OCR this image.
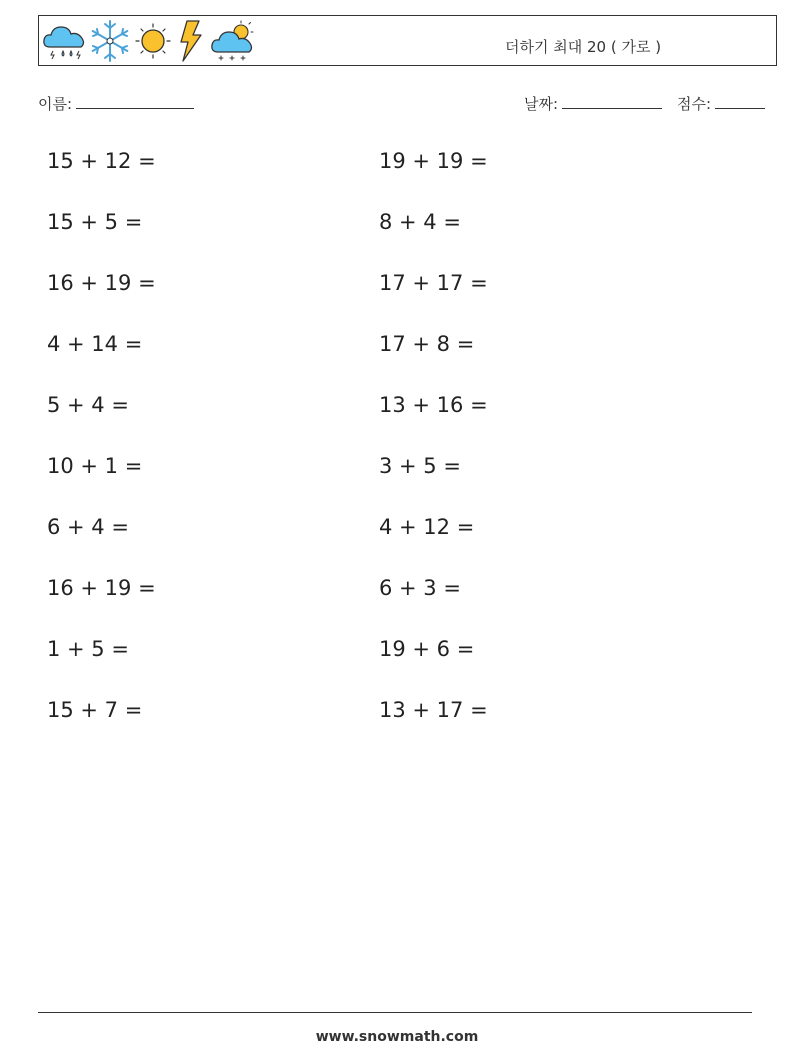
더하기 최대 20 ( 가로 )
이름:	날짜:	점수:
15 + 12 =
15 + 5 =
16 + 19 =
4 + 14 =
5 + 4 =
10 + 1 =
6 + 4 =
16 + 19 =
1 + 5 =
15 + 7 =
19 + 19 =
8 + 4 =
17 + 17 =
17 + 8 =
13 + 16 =
3 + 5 =
4 + 12 =
6 + 3 =
19 + 6 =
13 + 17 =
www.snowmath.com
